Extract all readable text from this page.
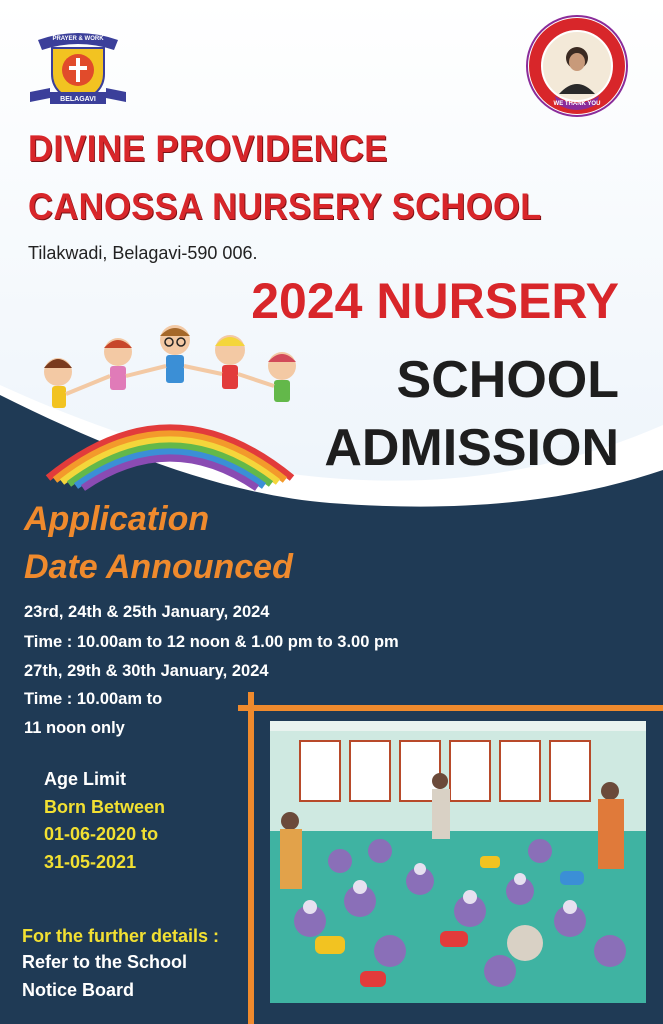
PRAYER & WORK
BELAGAVI
WE THANK YOU
DIVINE PROVIDENCE
CANOSSA NURSERY SCHOOL
Tilakwadi, Belagavi-590 006.
2024 NURSERY
SCHOOL
ADMISSION
Application
Date Announced
23rd, 24th & 25th January, 2024
Time : 10.00am to 12 noon & 1.00 pm to 3.00 pm
27th, 29th & 30th January, 2024
Time : 10.00am to
11 noon only
Age Limit
Born Between
01-06-2020 to
31-05-2021
For the further details :
Refer to the School
Notice Board
